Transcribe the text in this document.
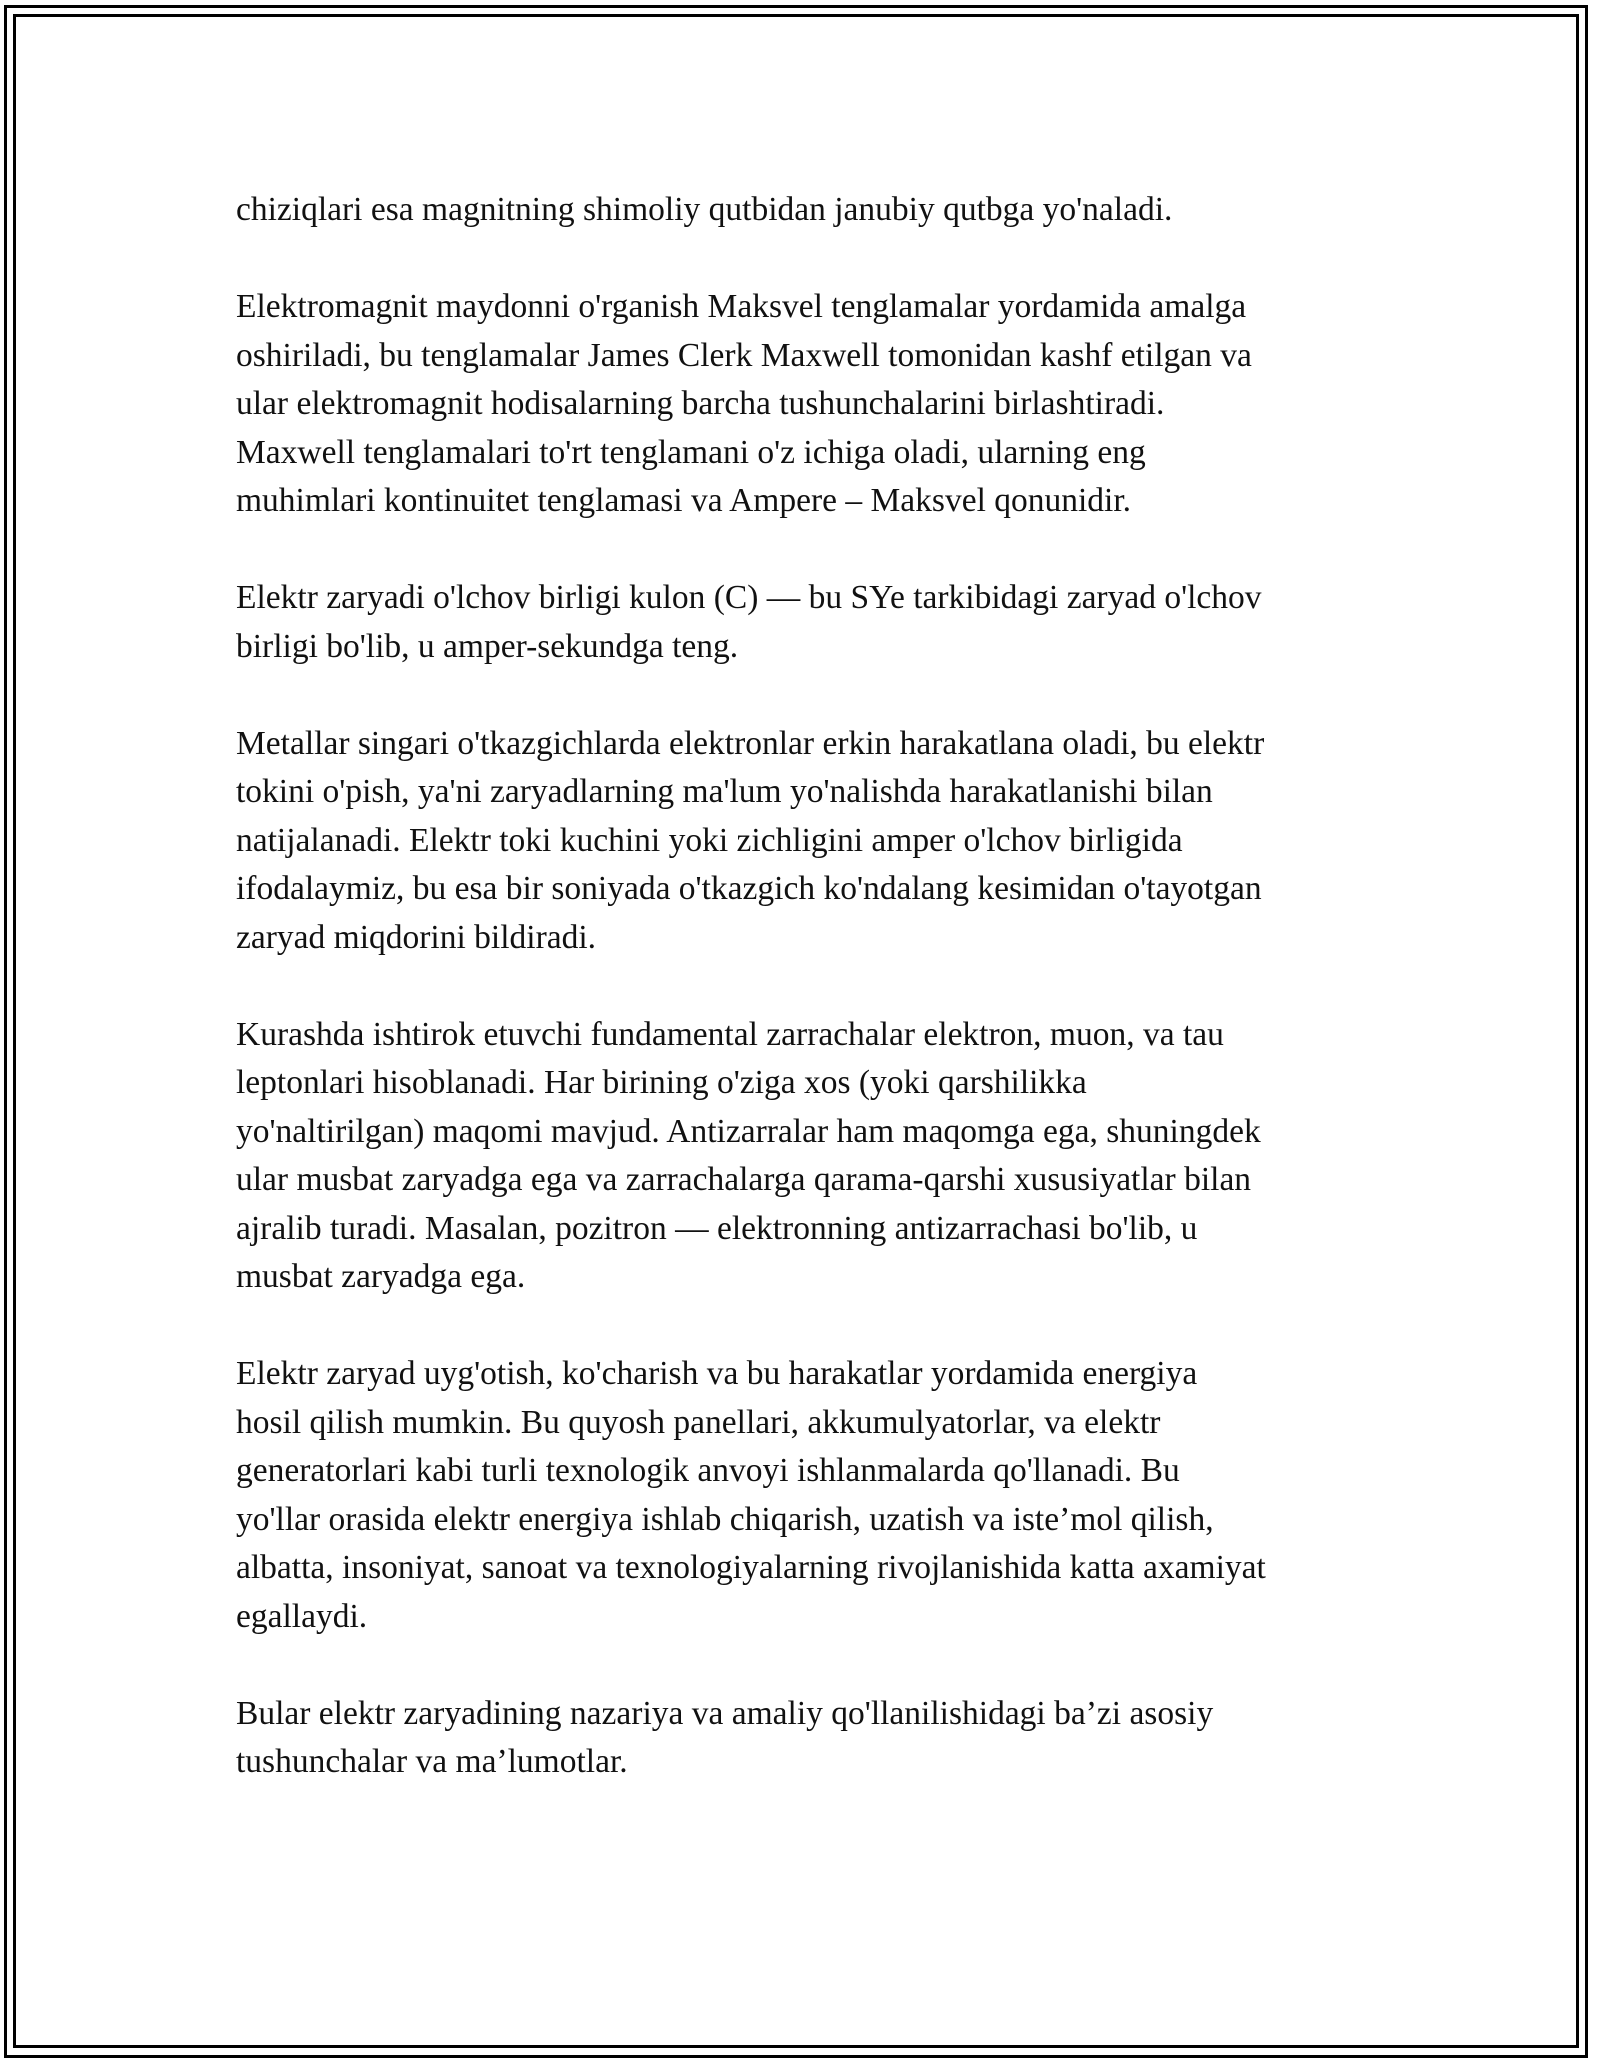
chiziqlari esa magnitning shimoliy qutbidan janubiy qutbga yo'naladi.

Elektromagnit maydonni o'rganish Maksvel tenglamalar yordamida amalga
oshiriladi, bu tenglamalar James Clerk Maxwell tomonidan kashf etilgan va
ular elektromagnit hodisalarning barcha tushunchalarini birlashtiradi.
Maxwell tenglamalari to'rt tenglamani o'z ichiga oladi, ularning eng
muhimlari kontinuitet tenglamasi va Ampere – Maksvel qonunidir.

Elektr zaryadi o'lchov birligi kulon (C) — bu SYe tarkibidagi zaryad o'lchov
birligi bo'lib, u amper-sekundga teng.

Metallar singari o'tkazgichlarda elektronlar erkin harakatlana oladi, bu elektr
tokini o'pish, ya'ni zaryadlarning ma'lum yo'nalishda harakatlanishi bilan
natijalanadi. Elektr toki kuchini yoki zichligini amper o'lchov birligida
ifodalaymiz, bu esa bir soniyada o'tkazgich ko'ndalang kesimidan o'tayotgan
zaryad miqdorini bildiradi.

Kurashda ishtirok etuvchi fundamental zarrachalar elektron, muon, va tau
leptonlari hisoblanadi. Har birining o'ziga xos (yoki qarshilikka
yo'naltirilgan) maqomi mavjud. Antizarralar ham maqomga ega, shuningdek
ular musbat zaryadga ega va zarrachalarga qarama-qarshi xususiyatlar bilan
ajralib turadi. Masalan, pozitron — elektronning antizarrachasi bo'lib, u
musbat zaryadga ega.

Elektr zaryad uyg'otish, ko'charish va bu harakatlar yordamida energiya
hosil qilish mumkin. Bu quyosh panellari, akkumulyatorlar, va elektr
generatorlari kabi turli texnologik anvoyi ishlanmalarda qo'llanadi. Bu
yo'llar orasida elektr energiya ishlab chiqarish, uzatish va iste’mol qilish,
albatta, insoniyat, sanoat va texnologiyalarning rivojlanishida katta axamiyat
egallaydi.

Bular elektr zaryadining nazariya va amaliy qo'llanilishidagi ba’zi asosiy
tushunchalar va ma’lumotlar.
